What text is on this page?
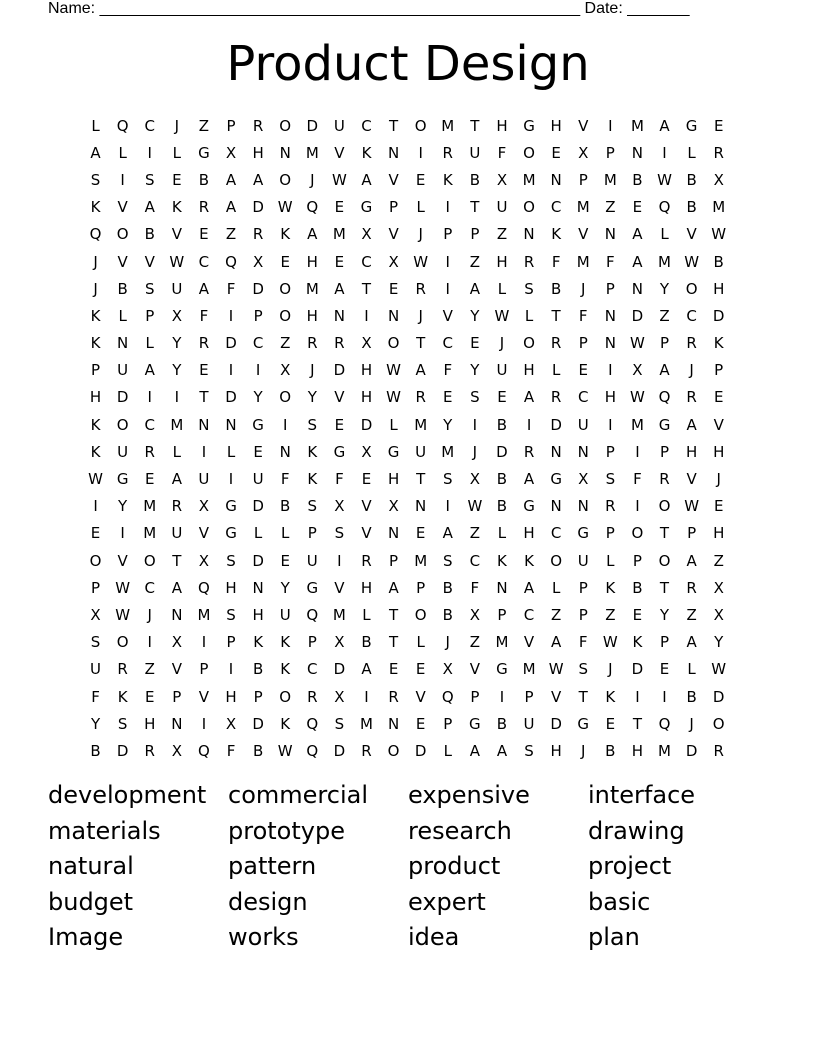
Name: ______________________________________________________ Date: _______
Product Design
L	Q	C	J	Z	P	R	O	D	U	C	T	O M	T	H	G	H	V	I	M	A	G	E
A	L	I	L	G	X	H	N	M	V	K	N	I	R	U	F	O	E	X	P	N	I	L	R
S	I	S	E	B	A	A	O	J	W A	V	E	K	B	X	M	N	P	M	B W B	X
K	V	A	K	R	A	D W Q	E	G	P	L	I	T	U	O	C	M	Z	E	Q	B	M
Q	O	B	V	E	Z	R	K	A	M	X	V	J	P	P	Z	N	K	V	N	A	L	V W
J	V	V W C	Q	X	E	H	E	C	X W	I	Z	H	R	F	M	F	A	M W B
J	B	S	U	A	F	D	O M	A	T	E	R	I	A	L	S	B	J	P	N	Y	O	H
K	L	P	X	F	I	P	O	H	N	I	N	J	V	Y	W	L	T	F	N	D	Z	C	D
K	N	L	Y	R	D	C	Z	R	R	X	O	T	C	E	J	O	R	P	N W	P	R	K
P	U	A	Y	E	I	I	X	J	D	H W A	F	Y	U	H	L	E	I	X	A	J	P
H	D	I	I	T	D	Y	O	Y	V	H W R	E	S	E	A	R	C	H W Q	R	E
K	O	C	M	N	N	G	I	S	E	D	L	M	Y	I	B	I	D	U	I	M G	A	V
K	U	R	L	I	L	E	N	K	G	X	G	U	M	J	D	R	N	N	P	I	P	H	H
W G	E	A	U	I	U	F	K	F	E	H	T	S	X	B	A	G	X	S	F	R	V	J
I	Y	M	R	X	G	D	B	S	X	V	X	N	I	W B	G	N	N	R	I	O W E
E	I	M	U	V	G	L	L	P	S	V	N	E	A	Z	L	H	C	G	P	O	T	P	H
O	V	O	T	X	S	D	E	U	I	R	P	M	S	C	K	K	O	U	L	P	O	A	Z
P	W C	A	Q	H	N	Y	G	V	H	A	P	B	F	N	A	L	P	K	B	T	R	X
X W	J	N	M	S	H	U	Q M	L	T	O	B	X	P	C	Z	P	Z	E	Y	Z	X
S	O	I	X	I	P	K	K	P	X	B	T	L	J	Z	M	V	A	F	W K	P	A	Y
U	R	Z	V	P	I	B	K	C	D	A	E	E	X	V	G M W S	J	D	E	L	W
F	K	E	P	V	H	P	O	R	X	I	R	V	Q	P	I	P	V	T	K	I	I	B	D
Y	S	H	N	I	X	D	K	Q	S	M	N	E	P	G	B	U	D	G	E	T	Q	J	O
B	D	R	X	Q	F	B W Q	D	R	O	D	L	A	A	S	H	J	B	H M D	R
development commercial	expensive	interface
materials	prototype	research	drawing
natural	pattern	product	project
budget	design	expert	basic
Image	works	idea	plan
